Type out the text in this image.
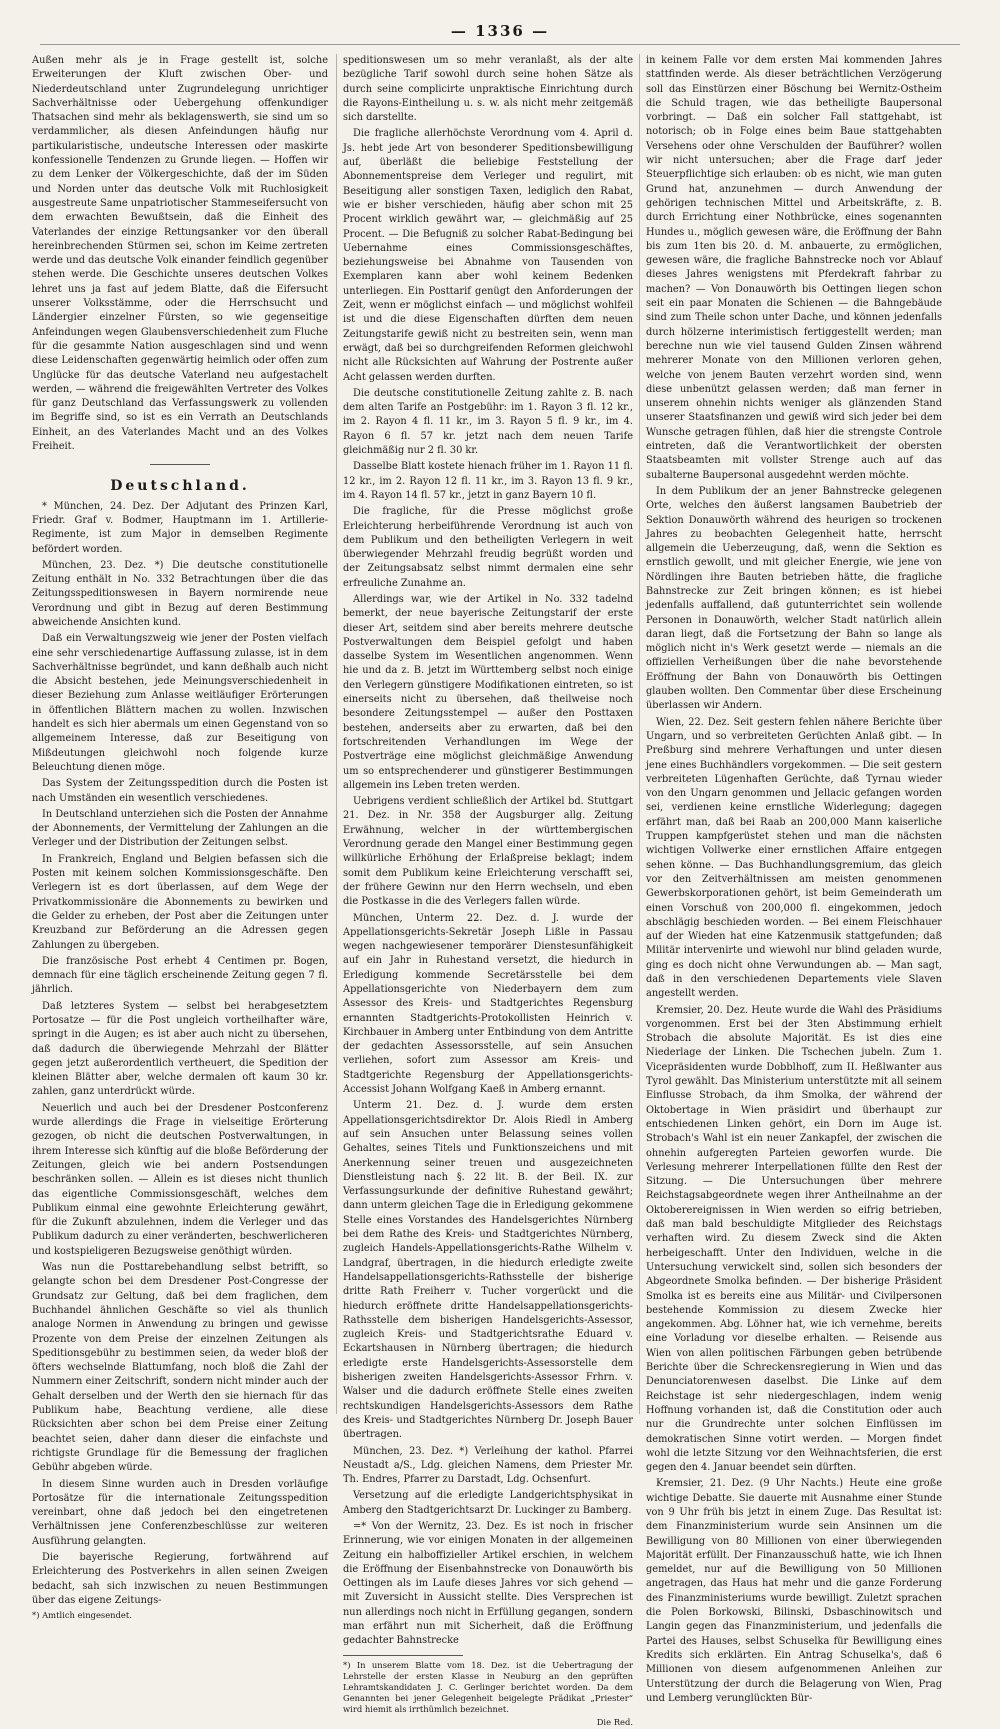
— 1336 —

Außen mehr als je in Frage gestellt ist, solche Erweiterungen der Kluft zwischen Ober- und Niederdeutschland unter Zugrundelegung unrichtiger Sachverhältnisse oder Uebergehung offenkundiger Thatsachen sind mehr als beklagenswerth, sie sind um so verdammlicher, als diesen Anfeindungen häufig nur partikularistische, undeutsche Interessen oder maskirte konfessionelle Tendenzen zu Grunde liegen. — Hoffen wir zu dem Lenker der Völkergeschichte, daß der im Süden und Norden unter das deutsche Volk mit Ruchlosigkeit ausgestreute Same unpatriotischer Stammeseifersucht von dem erwachten Bewußtsein, daß die Einheit des Vaterlandes der einzige Rettungsanker vor den überall hereinbrechenden Stürmen sei, schon im Keime zertreten werde und das deutsche Volk einander feindlich gegenüber stehen werde. Die Geschichte unseres deutschen Volkes lehret uns ja fast auf jedem Blatte, daß die Eifersucht unserer Volksstämme, oder die Herrschsucht und Ländergier einzelner Fürsten, so wie gegenseitige Anfeindungen wegen Glaubensverschiedenheit zum Fluche für die gesammte Nation ausgeschlagen sind und wenn diese Leidenschaften gegenwärtig heimlich oder offen zum Unglücke für das deutsche Vaterland neu aufgestachelt werden, — während die freigewählten Vertreter des Volkes für ganz Deutschland das Verfassungswerk zu vollenden im Begriffe sind, so ist es ein Verrath an Deutschlands Einheit, an des Vaterlandes Macht und an des Volkes Freiheit.

Deutschland.

* München, 24. Dez. Der Adjutant des Prinzen Karl, Friedr. Graf v. Bodmer, Hauptmann im 1. Artillerie-Regimente, ist zum Major in demselben Regimente befördert worden.

München, 23. Dez. *) Die deutsche constitutionelle Zeitung enthält in No. 332 Betrachtungen über die das Zeitungsspeditionswesen in Bayern normirende neue Verordnung und gibt in Bezug auf deren Bestimmung abweichende Ansichten kund.

Daß ein Verwaltungszweig wie jener der Posten vielfach eine sehr verschiedenartige Auffassung zulasse, ist in dem Sachverhältnisse begründet, und kann deßhalb auch nicht die Absicht bestehen, jede Meinungsverschiedenheit in dieser Beziehung zum Anlasse weitläufiger Erörterungen in öffentlichen Blättern machen zu wollen. Inzwischen handelt es sich hier abermals um einen Gegenstand von so allgemeinem Interesse, daß zur Beseitigung von Mißdeutungen gleichwohl noch folgende kurze Beleuchtung dienen möge.

Das System der Zeitungsspedition durch die Posten ist nach Umständen ein wesentlich verschiedenes.

In Deutschland unterziehen sich die Posten der Annahme der Abonnements, der Vermittelung der Zahlungen an die Verleger und der Distribution der Zeitungen selbst.

In Frankreich, England und Belgien befassen sich die Posten mit keinem solchen Kommissionsgeschäfte. Den Verlegern ist es dort überlassen, auf dem Wege der Privatkommissionäre die Abonnements zu bewirken und die Gelder zu erheben, der Post aber die Zeitungen unter Kreuzband zur Beförderung an die Adressen gegen Zahlungen zu übergeben.

Die französische Post erhebt 4 Centimen pr. Bogen, demnach für eine täglich erscheinende Zeitung gegen 7 fl. jährlich.

Daß letzteres System — selbst bei herabgesetztem Portosatze — für die Post ungleich vortheilhafter wäre, springt in die Augen; es ist aber auch nicht zu übersehen, daß dadurch die überwiegende Mehrzahl der Blätter gegen jetzt außerordentlich vertheuert, die Spedition der kleinen Blätter aber, welche dermalen oft kaum 30 kr. zahlen, ganz unterdrückt würde.

Neuerlich und auch bei der Dresdener Postconferenz wurde allerdings die Frage in vielseitige Erörterung gezogen, ob nicht die deutschen Postverwaltungen, in ihrem Interesse sich künftig auf die bloße Beförderung der Zeitungen, gleich wie bei andern Postsendungen beschränken sollen. — Allein es ist dieses nicht thunlich das eigentliche Commissionsgeschäft, welches dem Publikum einmal eine gewohnte Erleichterung gewährt, für die Zukunft abzulehnen, indem die Verleger und das Publikum dadurch zu einer veränderten, beschwerlicheren und kostspieligeren Bezugsweise genöthigt würden.

Was nun die Posttarebehandlung selbst betrifft, so gelangte schon bei dem Dresdener Post-Congresse der Grundsatz zur Geltung, daß bei dem fraglichen, dem Buchhandel ähnlichen Geschäfte so viel als thunlich analoge Normen in Anwendung zu bringen und gewisse Prozente von dem Preise der einzelnen Zeitungen als Speditionsgebühr zu bestimmen seien, da weder bloß der öfters wechselnde Blattumfang, noch bloß die Zahl der Nummern einer Zeitschrift, sondern nicht minder auch der Gehalt derselben und der Werth den sie hiernach für das Publikum habe, Beachtung verdiene, alle diese Rücksichten aber schon bei dem Preise einer Zeitung beachtet seien, daher dann dieser die einfachste und richtigste Grundlage für die Bemessung der fraglichen Gebühr abgeben würde.

In diesem Sinne wurden auch in Dresden vorläufige Portosätze für die internationale Zeitungsspedition vereinbart, ohne daß jedoch bei den eingetretenen Verhältnissen jene Conferenzbeschlüsse zur weiteren Ausführung gelangten.

Die bayerische Regierung, fortwährend auf Erleichterung des Postverkehrs in allen seinen Zweigen bedacht, sah sich inzwischen zu neuen Bestimmungen über das eigene Zeitungs-

*) Amtlich eingesendet.

speditionswesen um so mehr veranlaßt, als der alte bezügliche Tarif sowohl durch seine hohen Sätze als durch seine complicirte unpraktische Einrichtung durch die Rayons-Eintheilung u. s. w. als nicht mehr zeitgemäß sich darstellte.

Die fragliche allerhöchste Verordnung vom 4. April d. Js. hebt jede Art von besonderer Speditionsbewilligung auf, überläßt die beliebige Feststellung der Abonnementspreise dem Verleger und regulirt, mit Beseitigung aller sonstigen Taxen, lediglich den Rabat, wie er bisher verschieden, häufig aber schon mit 25 Procent wirklich gewährt war, — gleichmäßig auf 25 Procent. — Die Befugniß zu solcher Rabat-Bedingung bei Uebernahme eines Commissionsgeschäftes, beziehungsweise bei Abnahme von Tausenden von Exemplaren kann aber wohl keinem Bedenken unterliegen. Ein Posttarif genügt den Anforderungen der Zeit, wenn er möglichst einfach — und möglichst wohlfeil ist und die diese Eigenschaften dürften dem neuen Zeitungstarife gewiß nicht zu bestreiten sein, wenn man erwägt, daß bei so durchgreifenden Reformen gleichwohl nicht alle Rücksichten auf Wahrung der Postrente außer Acht gelassen werden durften.

Die deutsche constitutionelle Zeitung zahlte z. B. nach dem alten Tarife an Postgebühr: im 1. Rayon 3 fl. 12 kr., im 2. Rayon 4 fl. 11 kr., im 3. Rayon 5 fl. 9 kr., im 4. Rayon 6 fl. 57 kr. jetzt nach dem neuen Tarife gleichmäßig nur 2 fl. 30 kr.

Dasselbe Blatt kostete hienach früher im 1. Rayon 11 fl. 12 kr., im 2. Rayon 12 fl. 11 kr., im 3. Rayon 13 fl. 9 kr., im 4. Rayon 14 fl. 57 kr., jetzt in ganz Bayern 10 fl.

Die fragliche, für die Presse möglichst große Erleichterung herbeiführende Verordnung ist auch von dem Publikum und den betheiligten Verlegern in weit überwiegender Mehrzahl freudig begrüßt worden und der Zeitungsabsatz selbst nimmt dermalen eine sehr erfreuliche Zunahme an.

Allerdings war, wie der Artikel in No. 332 tadelnd bemerkt, der neue bayerische Zeitungstarif der erste dieser Art, seitdem sind aber bereits mehrere deutsche Postverwaltungen dem Beispiel gefolgt und haben dasselbe System im Wesentlichen angenommen. Wenn hie und da z. B. jetzt im Württemberg selbst noch einige den Verlegern günstigere Modifikationen eintreten, so ist einerseits nicht zu übersehen, daß theilweise noch besondere Zeitungsstempel — außer den Posttaxen bestehen, anderseits aber zu erwarten, daß bei den fortschreitenden Verhandlungen im Wege der Postverträge eine möglichst gleichmäßige Anwendung um so entsprechenderer und günstigerer Bestimmungen allgemein ins Leben treten werden.

Uebrigens verdient schließlich der Artikel bd. Stuttgart 21. Dez. in Nr. 358 der Augsburger allg. Zeitung Erwähnung, welcher in der württembergischen Verordnung gerade den Mangel einer Bestimmung gegen willkürliche Erhöhung der Erlaßpreise beklagt; indem somit dem Publikum keine Erleichterung verschafft sei, der frühere Gewinn nur den Herrn wechseln, und eben die Postkasse in die des Verlegers fallen würde.

München, Unterm 22. Dez. d. J. wurde der Appellationsgerichts-Sekretär Joseph Lißle in Passau wegen nachgewiesener temporärer Dienstesunfähigkeit auf ein Jahr in Ruhestand versetzt, die hiedurch in Erledigung kommende Secretärsstelle bei dem Appellationsgerichte von Niederbayern dem zum Assessor des Kreis- und Stadtgerichtes Regensburg ernannten Stadtgerichts-Protokollisten Heinrich v. Kirchbauer in Amberg unter Entbindung von dem Antritte der gedachten Assessorsstelle, auf sein Ansuchen verliehen, sofort zum Assessor am Kreis- und Stadtgerichte Regensburg der Appellationsgerichts-Accessist Johann Wolfgang Kaeß in Amberg ernannt.

Unterm 21. Dez. d. J. wurde dem ersten Appellationsgerichtsdirektor Dr. Alois Riedl in Amberg auf sein Ansuchen unter Belassung seines vollen Gehaltes, seines Titels und Funktionszeichens und mit Anerkennung seiner treuen und ausgezeichneten Dienstleistung nach §. 22 lit. B. der Beil. IX. zur Verfassungsurkunde der definitive Ruhestand gewährt; dann unterm gleichen Tage die in Erledigung gekommene Stelle eines Vorstandes des Handelsgerichtes Nürnberg bei dem Rathe des Kreis- und Stadtgerichtes Nürnberg, zugleich Handels-Appellationsgerichts-Rathe Wilhelm v. Landgraf, übertragen, in die hiedurch erledigte zweite Handelsappellationsgerichts-Rathsstelle der bisherige dritte Rath Freiherr v. Tucher vorgerückt und die hiedurch eröffnete dritte Handelsappellationsgerichts-Rathsstelle dem bisherigen Handelsgerichts-Assessor, zugleich Kreis- und Stadtgerichtsrathe Eduard v. Eckartshausen in Nürnberg übertragen; die hiedurch erledigte erste Handelsgerichts-Assessorstelle dem bisherigen zweiten Handelsgerichts-Assessor Frhrn. v. Walser und die dadurch eröffnete Stelle eines zweiten rechtskundigen Handelsgerichts-Assessors dem Rathe des Kreis- und Stadtgerichtes Nürnberg Dr. Joseph Bauer übertragen.

München, 23. Dez. *) Verleihung der kathol. Pfarrei Neustadt a/S., Ldg. gleichen Namens, dem Priester Mr. Th. Endres, Pfarrer zu Darstadt, Ldg. Ochsenfurt.

Versetzung auf die erledigte Landgerichtsphysikat in Amberg den Stadtgerichtsarzt Dr. Luckinger zu Bamberg.

=* Von der Wernitz, 23. Dez. Es ist noch in frischer Erinnerung, wie vor einigen Monaten in der allgemeinen Zeitung ein halboffizieller Artikel erschien, in welchem die Eröffnung der Eisenbahnstrecke von Donauwörth bis Oettingen als im Laufe dieses Jahres vor sich gehend — mit Zuversicht in Aussicht stellte. Dies Versprechen ist nun allerdings noch nicht in Erfüllung gegangen, sondern man erfährt nun mit Sicherheit, daß die Eröffnung gedachter Bahnstrecke

*) In unserem Blatte vom 18. Dez. ist die Uebertragung der Lehrstelle der ersten Klasse in Neuburg an den geprüften Lehramtskandidaten J. C. Gerlinger berichtet worden. Da dem Genannten bei jener Gelegenheit beigelegte Prädikat „Priester“ wird hiemit als irrthümlich bezeichnet.
Die Red.

in keinem Falle vor dem ersten Mai kommenden Jahres stattfinden werde. Als dieser beträchtlichen Verzögerung soll das Einstürzen einer Böschung bei Wernitz-Ostheim die Schuld tragen, wie das betheiligte Baupersonal vorbringt. — Daß ein solcher Fall stattgehabt, ist notorisch; ob in Folge eines beim Baue stattgehabten Versehens oder ohne Verschulden der Bauführer? wollen wir nicht untersuchen; aber die Frage darf jeder Steuerpflichtige sich erlauben: ob es nicht, wie man guten Grund hat, anzunehmen — durch Anwendung der gehörigen technischen Mittel und Arbeitskräfte, z. B. durch Errichtung einer Nothbrücke, eines sogenannten Hundes u., möglich gewesen wäre, die Eröffnung der Bahn bis zum 1ten bis 20. d. M. anbauerte, zu ermöglichen, gewesen wäre, die fragliche Bahnstrecke noch vor Ablauf dieses Jahres wenigstens mit Pferdekraft fahrbar zu machen? — Von Donauwörth bis Oettingen liegen schon seit ein paar Monaten die Schienen — die Bahngebäude sind zum Theile schon unter Dache, und können jedenfalls durch hölzerne interimistisch fertiggestellt werden; man berechne nun wie viel tausend Gulden Zinsen während mehrerer Monate von den Millionen verloren gehen, welche von jenem Bauten verzehrt worden sind, wenn diese unbenützt gelassen werden; daß man ferner in unserem ohnehin nichts weniger als glänzenden Stand unserer Staatsfinanzen und gewiß wird sich jeder bei dem Wunsche getragen fühlen, daß hier die strengste Controle eintreten, daß die Verantwortlichkeit der obersten Staatsbeamten mit vollster Strenge auch auf das subalterne Baupersonal ausgedehnt werden möchte.

In dem Publikum der an jener Bahnstrecke gelegenen Orte, welches den äußerst langsamen Baubetrieb der Sektion Donauwörth während des heurigen so trockenen Jahres zu beobachten Gelegenheit hatte, herrscht allgemein die Ueberzeugung, daß, wenn die Sektion es ernstlich gewollt, und mit gleicher Energie, wie jene von Nördlingen ihre Bauten betrieben hätte, die fragliche Bahnstrecke zur Zeit bringen können; es ist hiebei jedenfalls auffallend, daß gutunterrichtet sein wollende Personen in Donauwörth, welcher Stadt natürlich allein daran liegt, daß die Fortsetzung der Bahn so lange als möglich nicht in's Werk gesetzt werde — niemals an die offiziellen Verheißungen über die nahe bevorstehende Eröffnung der Bahn von Donauwörth bis Oettingen glauben wollten. Den Commentar über diese Erscheinung überlassen wir Andern.

Wien, 22. Dez. Seit gestern fehlen nähere Berichte über Ungarn, und so verbreiteten Gerüchten Anlaß gibt. — In Preßburg sind mehrere Verhaftungen und unter diesen jene eines Buchhändlers vorgekommen. — Die seit gestern verbreiteten Lügenhaften Gerüchte, daß Tyrnau wieder von den Ungarn genommen und Jellacic gefangen worden sei, verdienen keine ernstliche Widerlegung; dagegen erfährt man, daß bei Raab an 200,000 Mann kaiserliche Truppen kampfgerüstet stehen und man die nächsten wichtigen Vollwerke einer ernstlichen Affaire entgegen sehen könne. — Das Buchhandlungsgremium, das gleich vor den Zeitverhältnissen am meisten genommenen Gewerbskorporationen gehört, ist beim Gemeinderath um einen Vorschuß von 200,000 fl. eingekommen, jedoch abschlägig beschieden worden. — Bei einem Fleischhauer auf der Wieden hat eine Katzenmusik stattgefunden; daß Militär intervenirte und wiewohl nur blind geladen wurde, ging es doch nicht ohne Verwundungen ab. — Man sagt, daß in den verschiedenen Departements viele Slaven angestellt werden.

Kremsier, 20. Dez. Heute wurde die Wahl des Präsidiums vorgenommen. Erst bei der 3ten Abstimmung erhielt Strobach die absolute Majorität. Es ist dies eine Niederlage der Linken. Die Tschechen jubeln. Zum 1. Vicepräsidenten wurde Dobblhoff, zum II. Heßlwanter aus Tyrol gewählt. Das Ministerium unterstützte mit all seinem Einflusse Strobach, da ihm Smolka, der während der Oktobertage in Wien präsidirt und überhaupt zur entschiedenen Linken gehört, ein Dorn im Auge ist. Strobach's Wahl ist ein neuer Zankapfel, der zwischen die ohnehin aufgeregten Parteien geworfen wurde. Die Verlesung mehrerer Interpellationen füllte den Rest der Sitzung. — Die Untersuchungen über mehrere Reichstagsabgeordnete wegen ihrer Antheilnahme an der Oktoberereignissen in Wien werden so eifrig betrieben, daß man bald beschuldigte Mitglieder des Reichstags verhaften wird. Zu diesem Zweck sind die Akten herbeigeschafft. Unter den Individuen, welche in die Untersuchung verwickelt sind, sollen sich besonders der Abgeordnete Smolka befinden. — Der bisherige Präsident Smolka ist es bereits eine aus Militär- und Civilpersonen bestehende Kommission zu diesem Zwecke hier angekommen. Abg. Löhner hat, wie ich vernehme, bereits eine Vorladung vor dieselbe erhalten. — Reisende aus Wien von allen politischen Färbungen geben betrübende Berichte über die Schreckensregierung in Wien und das Denunciatorenwesen daselbst. Die Linke auf dem Reichstage ist sehr niedergeschlagen, indem wenig Hoffnung vorhanden ist, daß die Constitution oder auch nur die Grundrechte unter solchen Einflüssen im demokratischen Sinne votirt werden. — Morgen findet wohl die letzte Sitzung vor den Weihnachtsferien, die erst gegen den 4. Januar beendet sein dürften.

Kremsier, 21. Dez. (9 Uhr Nachts.) Heute eine große wichtige Debatte. Sie dauerte mit Ausnahme einer Stunde von 9 Uhr früh bis jetzt in einem Zuge. Das Resultat ist: dem Finanzministerium wurde sein Ansinnen um die Bewilligung von 80 Millionen von einer überwiegenden Majorität erfüllt. Der Finanzausschuß hatte, wie ich Ihnen gemeldet, nur auf die Bewilligung von 50 Millionen angetragen, das Haus hat mehr und die ganze Forderung des Finanzministeriums wurde bewilligt. Zuletzt sprachen die Polen Borkowski, Bilinski, Dsbaschinowitsch und Langin gegen das Finanzministerium, und jedenfalls die Partei des Hauses, selbst Schuselka für Bewilligung eines Kredits sich erklärten. Ein Antrag Schuselka's, daß 6 Millionen von diesem aufgenommenen Anleihen zur Unterstützung der durch die Belagerung von Wien, Prag und Lemberg verunglückten Bür-
